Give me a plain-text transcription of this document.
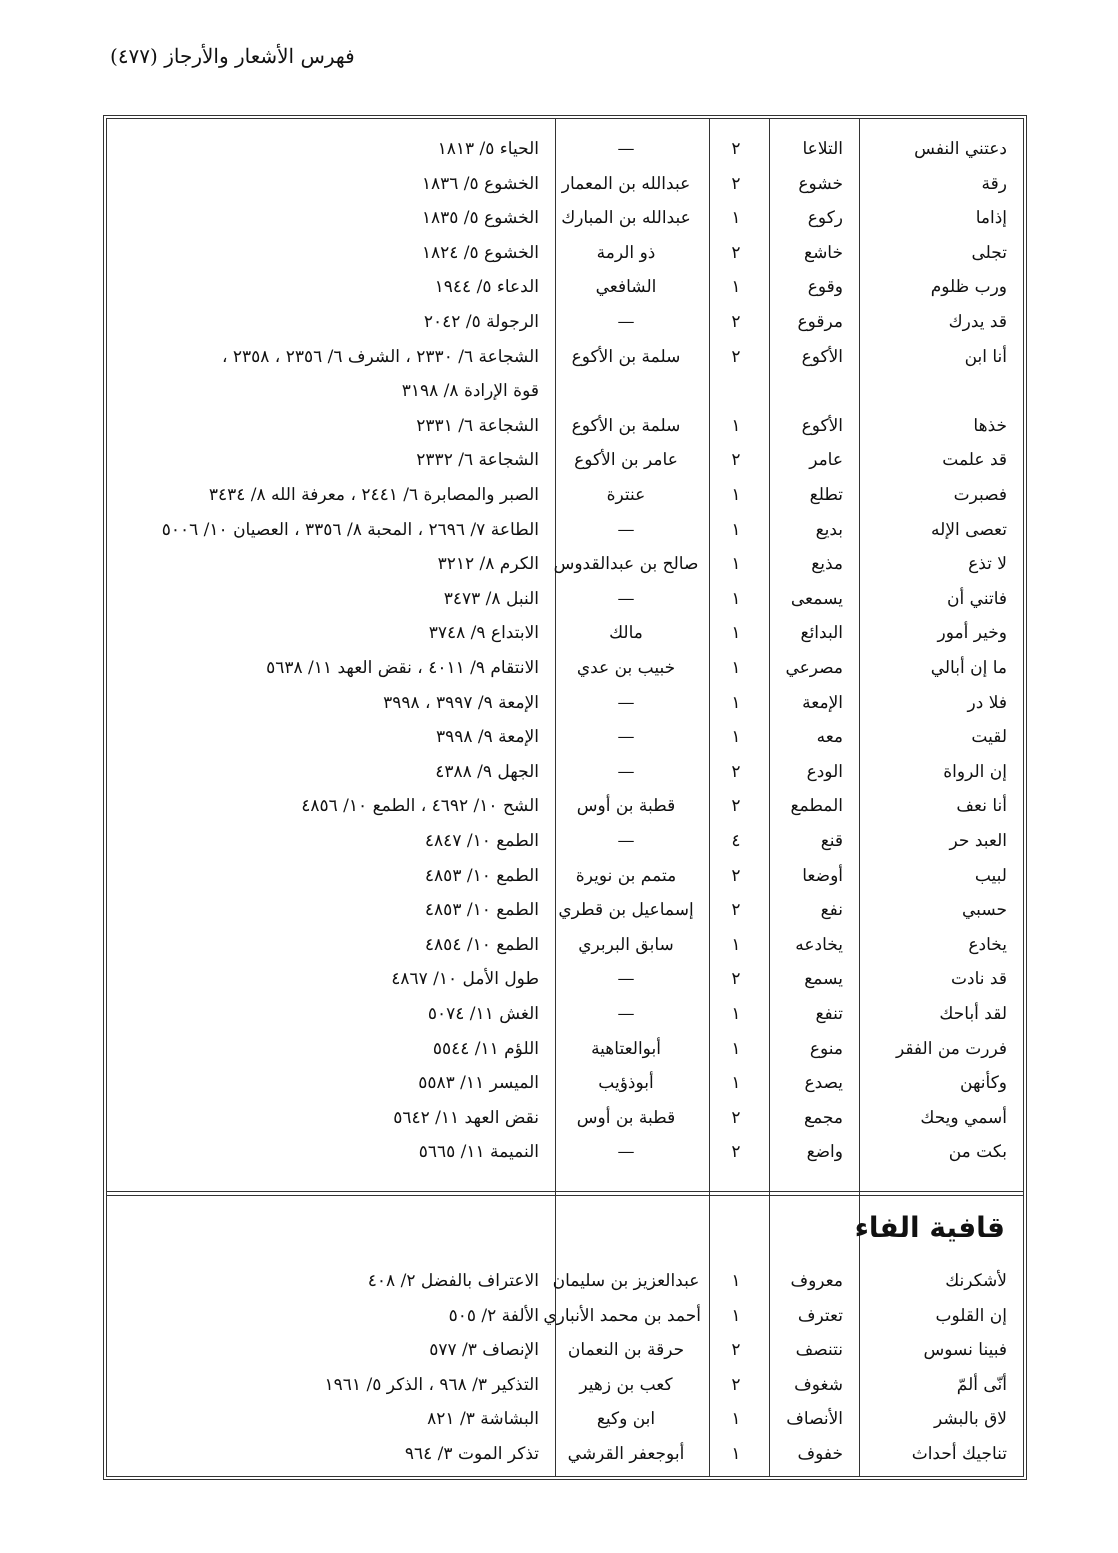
فهرس الأشعار والأرجاز (٤٧٧)
دعتني النفس
التلاعا
٢
—
الحياء ٥/ ١٨١٣
رقة
خشوع
٢
عبدالله بن المعمار
الخشوع ٥/ ١٨٣٦
إذاما
ركوع
١
عبدالله بن المبارك
الخشوع ٥/ ١٨٣٥
تجلى
خاشع
٢
ذو الرمة
الخشوع ٥/ ١٨٢٤
ورب ظلوم
وقوع
١
الشافعي
الدعاء ٥/ ١٩٤٤
قد يدرك
مرقوع
٢
—
الرجولة ٥/ ٢٠٤٢
أنا ابن
الأكوع
٢
سلمة بن الأكوع
الشجاعة ٦/ ٢٣٣٠ ، الشرف ٦/ ٢٣٥٦ ، ٢٣٥٨ ،
قوة الإرادة ٨/ ٣١٩٨
خذها
الأكوع
١
سلمة بن الأكوع
الشجاعة ٦/ ٢٣٣١
قد علمت
عامر
٢
عامر بن الأكوع
الشجاعة ٦/ ٢٣٣٢
فصبرت
تطلع
١
عنترة
الصبر والمصابرة ٦/ ٢٤٤١ ، معرفة الله ٨/ ٣٤٣٤
تعصى الإله
بديع
١
—
الطاعة ٧/ ٢٦٩٦ ، المحبة ٨/ ٣٣٥٦ ، العصيان ١٠/ ٥٠٠٦
لا تذع
مذيع
١
صالح بن عبدالقدوس
الكرم ٨/ ٣٢١٢
فاتني أن
يسمعى
١
—
النبل ٨/ ٣٤٧٣
وخير أمور
البدائع
١
مالك
الابتداع ٩/ ٣٧٤٨
ما إن أبالي
مصرعي
١
خبيب بن عدي
الانتقام ٩/ ٤٠١١ ، نقض العهد ١١/ ٥٦٣٨
فلا در
الإمعة
١
—
الإمعة ٩/ ٣٩٩٧ ، ٣٩٩٨
لقيت
معه
١
—
الإمعة ٩/ ٣٩٩٨
إن الرواة
الودع
٢
—
الجهل ٩/ ٤٣٨٨
أنا نعف
المطمع
٢
قطبة بن أوس
الشح ١٠/ ٤٦٩٢ ، الطمع ١٠/ ٤٨٥٦
العبد حر
قنع
٤
—
الطمع ١٠/ ٤٨٤٧
لبيب
أوضعا
٢
متمم بن نويرة
الطمع ١٠/ ٤٨٥٣
حسبي
نفع
٢
إسماعيل بن قطري
الطمع ١٠/ ٤٨٥٣
يخادع
يخادعه
١
سابق البربري
الطمع ١٠/ ٤٨٥٤
قد نادت
يسمع
٢
—
طول الأمل ١٠/ ٤٨٦٧
لقد أباحك
تنفع
١
—
الغش ١١/ ٥٠٧٤
فررت من الفقر
منوع
١
أبوالعتاهية
اللؤم ١١/ ٥٥٤٤
وكأنهن
يصدع
١
أبوذؤيب
الميسر ١١/ ٥٥٨٣
أسمي ويحك
مجمع
٢
قطبة بن أوس
نقض العهد ١١/ ٥٦٤٢
بكت من
واضع
٢
—
النميمة ١١/ ٥٦٦٥
قافية الفاء
لأشكرنك
معروف
١
عبدالعزيز بن سليمان
الاعتراف بالفضل ٢/ ٤٠٨
إن القلوب
تعترف
١
أحمد بن محمد الأنباري
الألفة ٢/ ٥٠٥
فبينا نسوس
نتنصف
٢
حرقة بن النعمان
الإنصاف ٣/ ٥٧٧
أنّى ألمّ
شغوف
٢
كعب بن زهير
التذكير ٣/ ٩٦٨ ، الذكر ٥/ ١٩٦١
لاق بالبشر
الأنصاف
١
ابن وكيع
البشاشة ٣/ ٨٢١
تناجيك أحداث
خفوف
١
أبوجعفر القرشي
تذكر الموت ٣/ ٩٦٤
